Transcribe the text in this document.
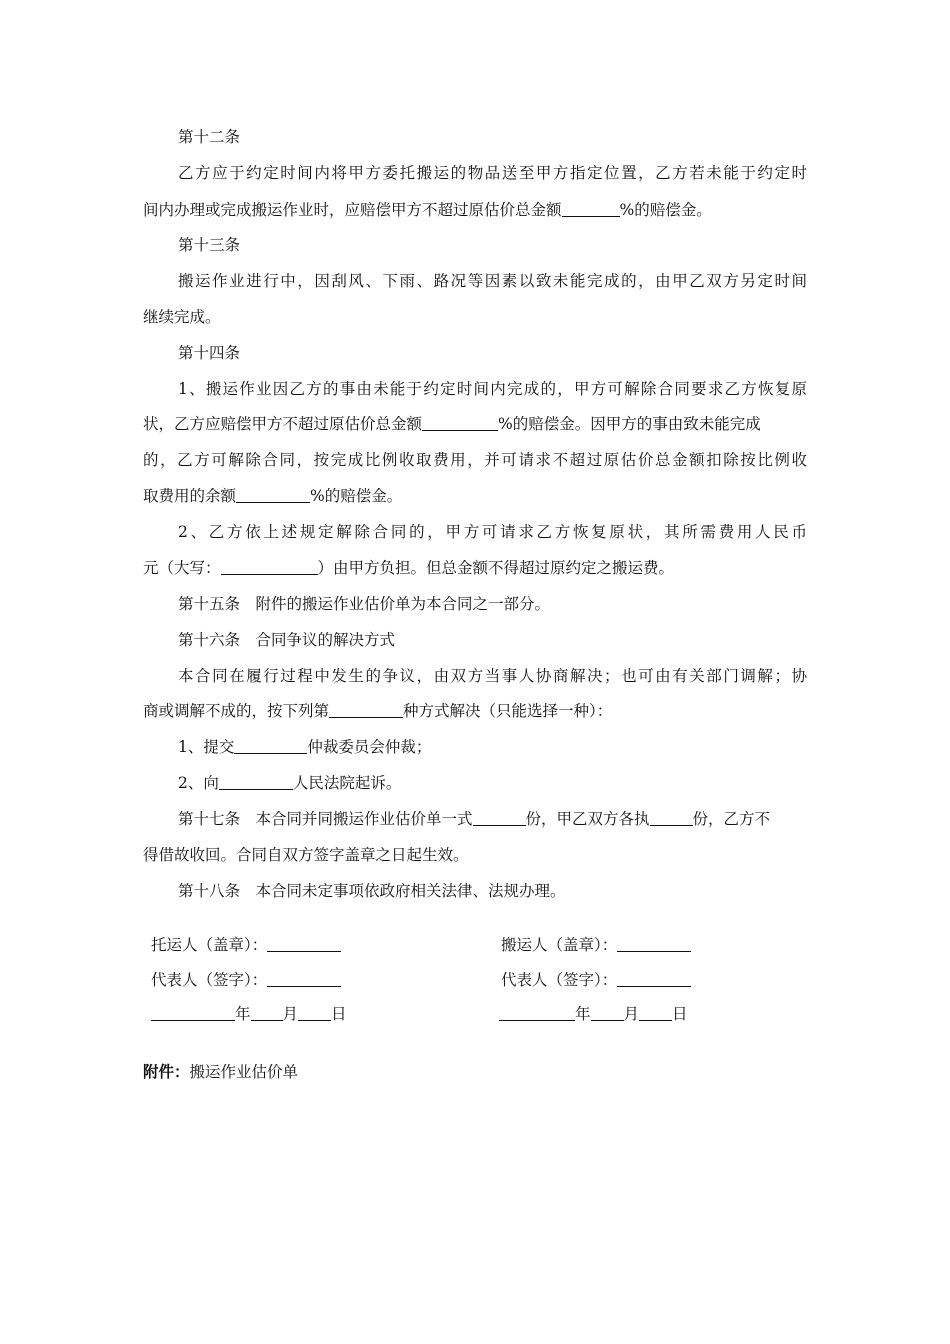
第十二条
乙方应于约定时间内将甲方委托搬运的物品送至甲方指定位置，乙方若未能于约定时
间内办理或完成搬运作业时，应赔偿甲方不超过原估价总金额	%的赔偿金。
第十三条
搬运作业进行中，因刮风、下雨、路况等因素以致未能完成的，由甲乙双方另定时间
继续完成。
第十四条
1、搬运作业因乙方的事由未能于约定时间内完成的，甲方可解除合同要求乙方恢复原
状，乙方应赔偿甲方不超过原估价总金额	%的赔偿金。因甲方的事由致未能完成
的，乙方可解除合同，按完成比例收取费用，并可请求不超过原估价总金额扣除按比例收
取费用的余额	%的赔偿金。
2、乙方依上述规定解除合同的，甲方可请求乙方恢复原状，其所需费用人民币
元（大写：	）由甲方负担。但总金额不得超过原约定之搬运费。
第十五条　附件的搬运作业估价单为本合同之一部分。
第十六条　合同争议的解决方式
本合同在履行过程中发生的争议，由双方当事人协商解决；也可由有关部门调解；协
商或调解不成的，按下列第	种方式解决（只能选择一种）：
1、提交	仲裁委员会仲裁；
2、向	人民法院起诉。
第十七条　本合同并同搬运作业估价单一式	份，甲乙双方各执	份，乙方不
得借故收回。合同自双方签字盖章之日起生效。
第十八条　本合同未定事项依政府相关法律、法规办理。
托运人（盖章）：
代表人（签字）：
年 月 日
搬运人（盖章）：
代表人（签字）：
年 月 日
附件：搬运作业估价单
